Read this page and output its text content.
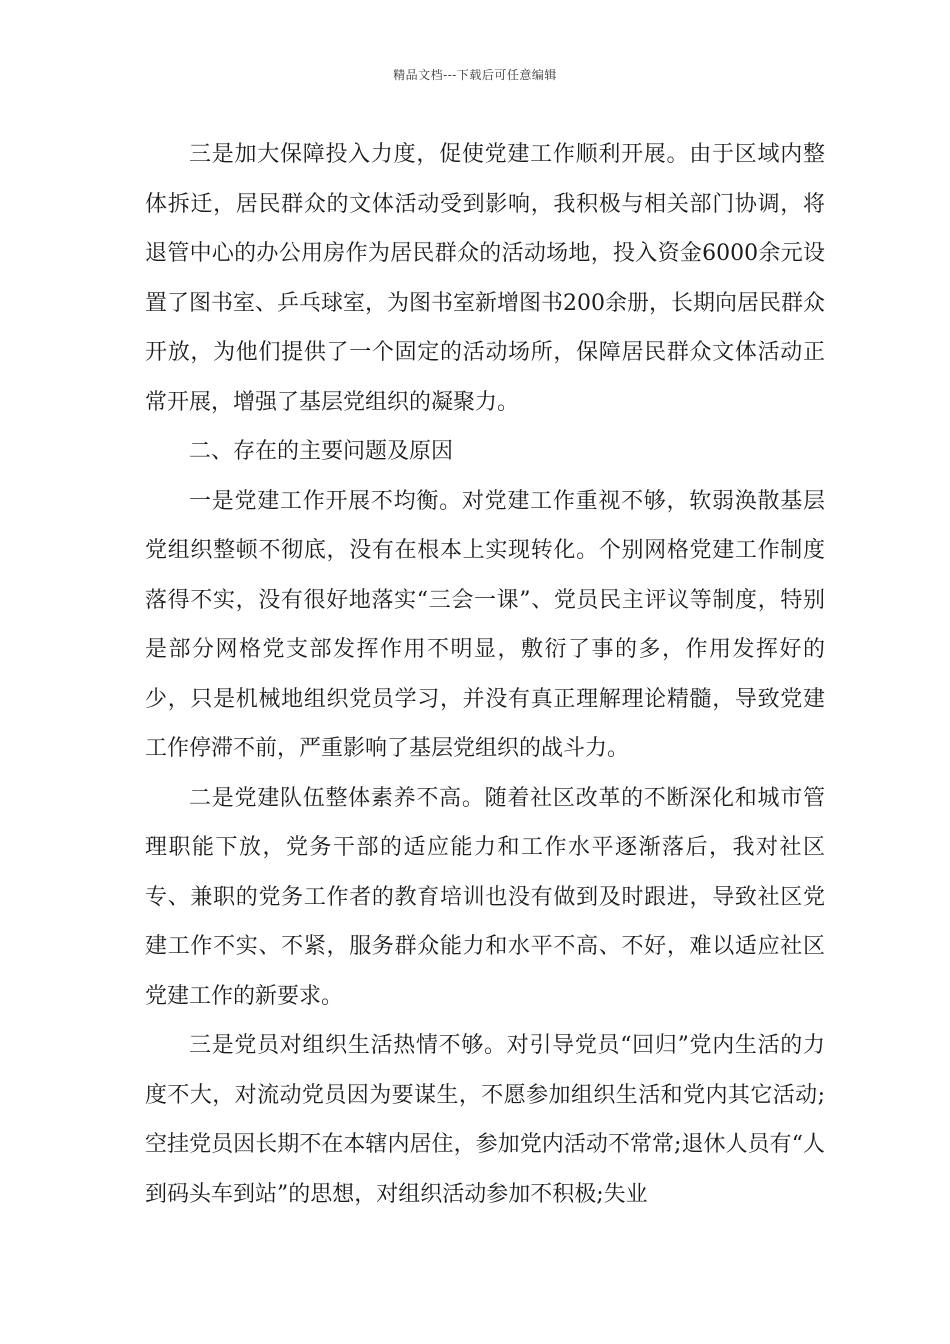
精品文档---下载后可任意编辑

三是加大保障投入力度，促使党建工作顺利开展。由于区域内整体拆迁，居民群众的文体活动受到影响，我积极与相关部门协调，将退管中心的办公用房作为居民群众的活动场地，投入资金6000余元设置了图书室、乒乓球室，为图书室新增图书200余册，长期向居民群众开放，为他们提供了一个固定的活动场所，保障居民群众文体活动正常开展，增强了基层党组织的凝聚力。

二、存在的主要问题及原因

一是党建工作开展不均衡。对党建工作重视不够，软弱涣散基层党组织整顿不彻底，没有在根本上实现转化。个别网格党建工作制度落得不实，没有很好地落实“三会一课”、党员民主评议等制度，特别是部分网格党支部发挥作用不明显，敷衍了事的多，作用发挥好的少，只是机械地组织党员学习，并没有真正理解理论精髓，导致党建工作停滞不前，严重影响了基层党组织的战斗力。

二是党建队伍整体素养不高。随着社区改革的不断深化和城市管理职能下放，党务干部的适应能力和工作水平逐渐落后，我对社区专、兼职的党务工作者的教育培训也没有做到及时跟进，导致社区党建工作不实、不紧，服务群众能力和水平不高、不好，难以适应社区党建工作的新要求。

三是党员对组织生活热情不够。对引导党员“回归”党内生活的力度不大，对流动党员因为要谋生，不愿参加组织生活和党内其它活动;空挂党员因长期不在本辖内居住，参加党内活动不常常;退休人员有“人到码头车到站”的思想，对组织活动参加不积极;失业
